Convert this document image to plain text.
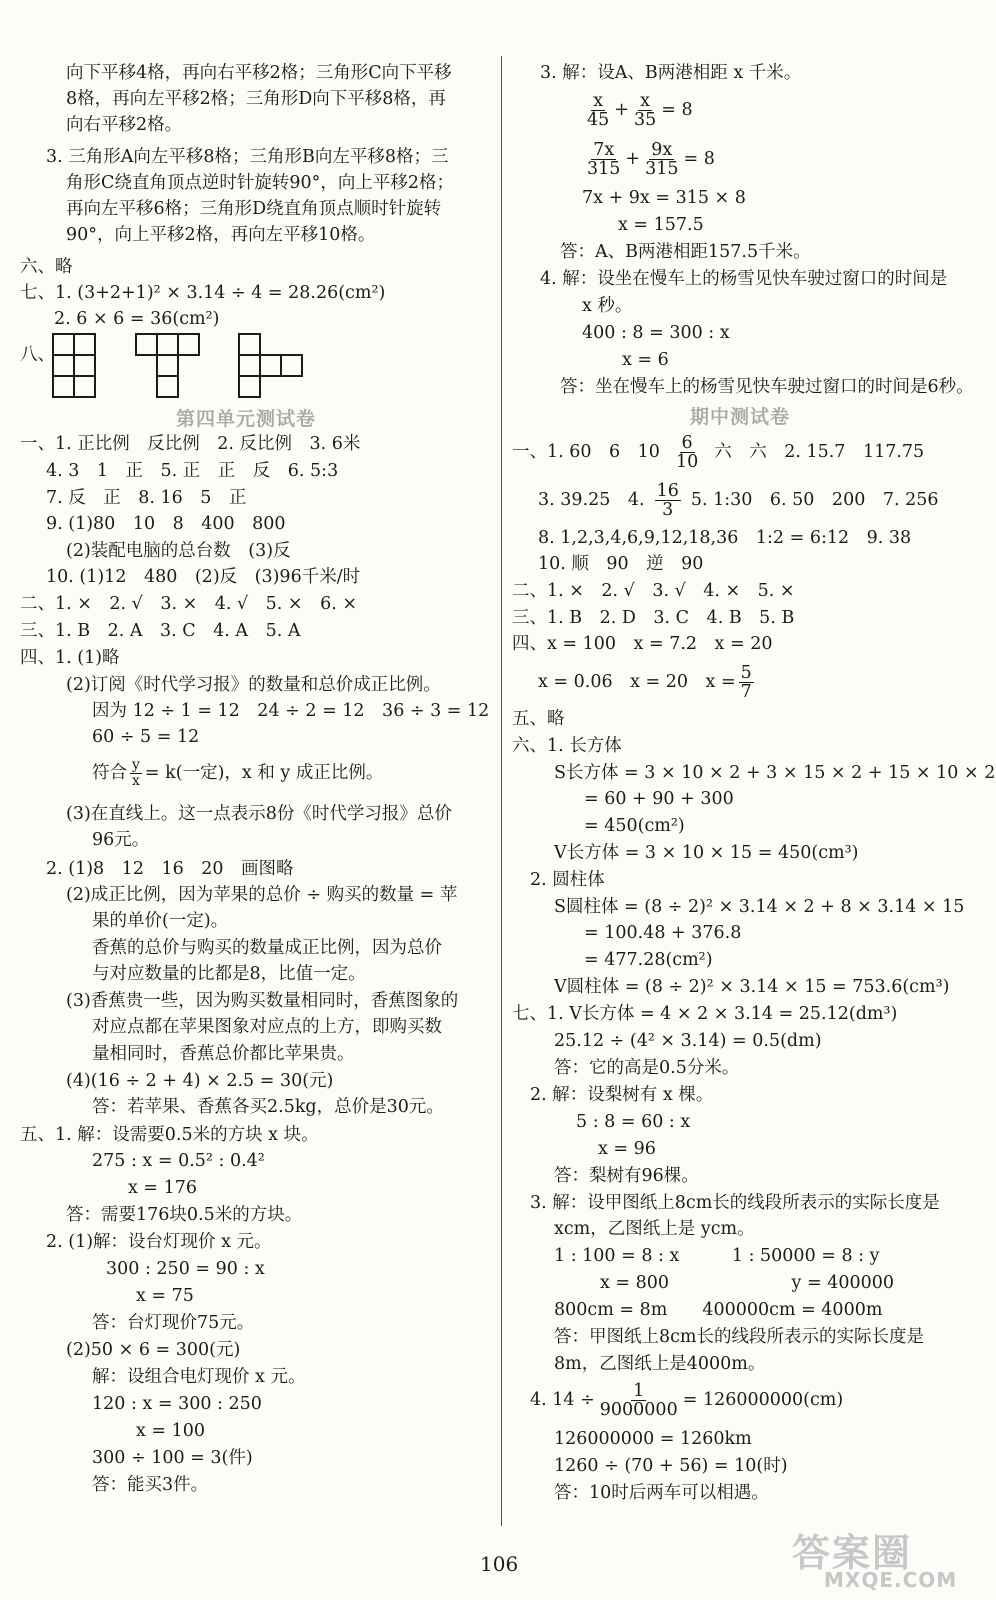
向下平移4格，再向右平移2格；三角形C向下平移
8格，再向左平移2格；三角形D向下平移8格，再
向右平移2格。
3. 三角形A向左平移8格；三角形B向左平移8格；三
角形C绕直角顶点逆时针旋转90°，向上平移2格；
再向左平移6格；三角形D绕直角顶点顺时针旋转
90°，向上平移2格，再向左平移10格。
六、略
七、1. (3+2+1)² × 3.14 ÷ 4 = 28.26(cm²)
2. 6 × 6 = 36(cm²)
八、
第四单元测试卷
一、1. 正比例　反比例　2. 反比例　3. 6米
4. 3　1　正　5. 正　正　反　6. 5:3
7. 反　正　8. 16　5　正
9. (1)80　10　8　400　800
(2)装配电脑的总台数　(3)反
10. (1)12　480　(2)反　(3)96千米/时
二、1. ×　2. √　3. ×　4. √　5. ×　6. ×
三、1. B　2. A　3. C　4. A　5. A
四、1. (1)略
(2)订阅《时代学习报》的数量和总价成正比例。
因为 12 ÷ 1 = 12　24 ÷ 2 = 12　36 ÷ 3 = 12
60 ÷ 5 = 12
符合 $\frac{y}{x} = k$(一定)，x 和 y 成正比例。
(3)在直线上。这一点表示8份《时代学习报》总价
96元。
2. (1)8　12　16　20　画图略
(2)成正比例，因为苹果的总价 ÷ 购买的数量 = 苹
果的单价(一定)。
香蕉的总价与购买的数量成正比例，因为总价
与对应数量的比都是8，比值一定。
(3)香蕉贵一些，因为购买数量相同时，香蕉图象的
对应点都在苹果图象对应点的上方，即购买数
量相同时，香蕉总价都比苹果贵。
(4)(16 ÷ 2 + 4) × 2.5 = 30(元)
答：若苹果、香蕉各买2.5kg，总价是30元。
五、1. 解：设需要0.5米的方块 x 块。
275 : x = 0.5² : 0.4²
x = 176
答：需要176块0.5米的方块。
2. (1)解：设台灯现价 x 元。
300 : 250 = 90 : x
x = 75
答：台灯现价75元。
(2)50 × 6 = 300(元)
解：设组合电灯现价 x 元。
120 : x = 300 : 250
x = 100
300 ÷ 100 = 3(件)
答：能买3件。
3. 解：设A、B两港相距 x 千米。
$\frac{x}{45} + \frac{x}{35} = 8$
$\frac{7x}{315} + \frac{9x}{315} = 8$
7x + 9x = 315 × 8
x = 157.5
答：A、B两港相距157.5千米。
4. 解：设坐在慢车上的杨雪见快车驶过窗口的时间是
x 秒。
400 : 8 = 300 : x
x = 6
答：坐在慢车上的杨雪见快车驶过窗口的时间是6秒。
期中测试卷
一、1. 60　6　$10 \frac{6}{10}$ 六　六　2. 15.7　117.75
3. 39.25　4. $\frac{16}{3} 5$. 1:30　6. 50　200　7. 256
8. 1,2,3,4,6,9,12,18,36　1:2 = 6:12　9. 38
10. 顺　90　逆　90
二、1. ×　2. √　3. √　4. ×　5. ×
三、1. B　2. D　3. C　4. B　5. B
四、x = 100　x = 7.2　x = 20
x = 0.06　x = 20　$x = \frac{5}{7}$
五、略
六、1. 长方体
S长方体 = 3 × 10 × 2 + 3 × 15 × 2 + 15 × 10 × 2
= 60 + 90 + 300
= 450(cm²)
V长方体 = 3 × 10 × 15 = 450(cm³)
2. 圆柱体
S圆柱体 = (8 ÷ 2)² × 3.14 × 2 + 8 × 3.14 × 15
= 100.48 + 376.8
= 477.28(cm²)
V圆柱体 = (8 ÷ 2)² × 3.14 × 15 = 753.6(cm³)
七、1. V长方体 = 4 × 2 × 3.14 = 25.12(dm³)
25.12 ÷ (4² × 3.14) = 0.5(dm)
答：它的高是0.5分米。
2. 解：设梨树有 x 棵。
5 : 8 = 60 : x
x = 96
答：梨树有96棵。
3. 解：设甲图纸上8cm长的线段所表示的实际长度是
xcm，乙图纸上是 ycm。
1 : 100 = 8 : x　　　1 : 50000 = 8 : y
x = 800　　　　　　　y = 400000
800cm = 8m　　400000cm = 4000m
答：甲图纸上8cm长的线段所表示的实际长度是
8m，乙图纸上是4000m。
4. $14 \div \frac{1}{9000000} = 126000000(cm)$
126000000 = 1260km
1260 ÷ (70 + 56) = 10(时)
答：10时后两车可以相遇。
106	答案圈
MXQE.COM
